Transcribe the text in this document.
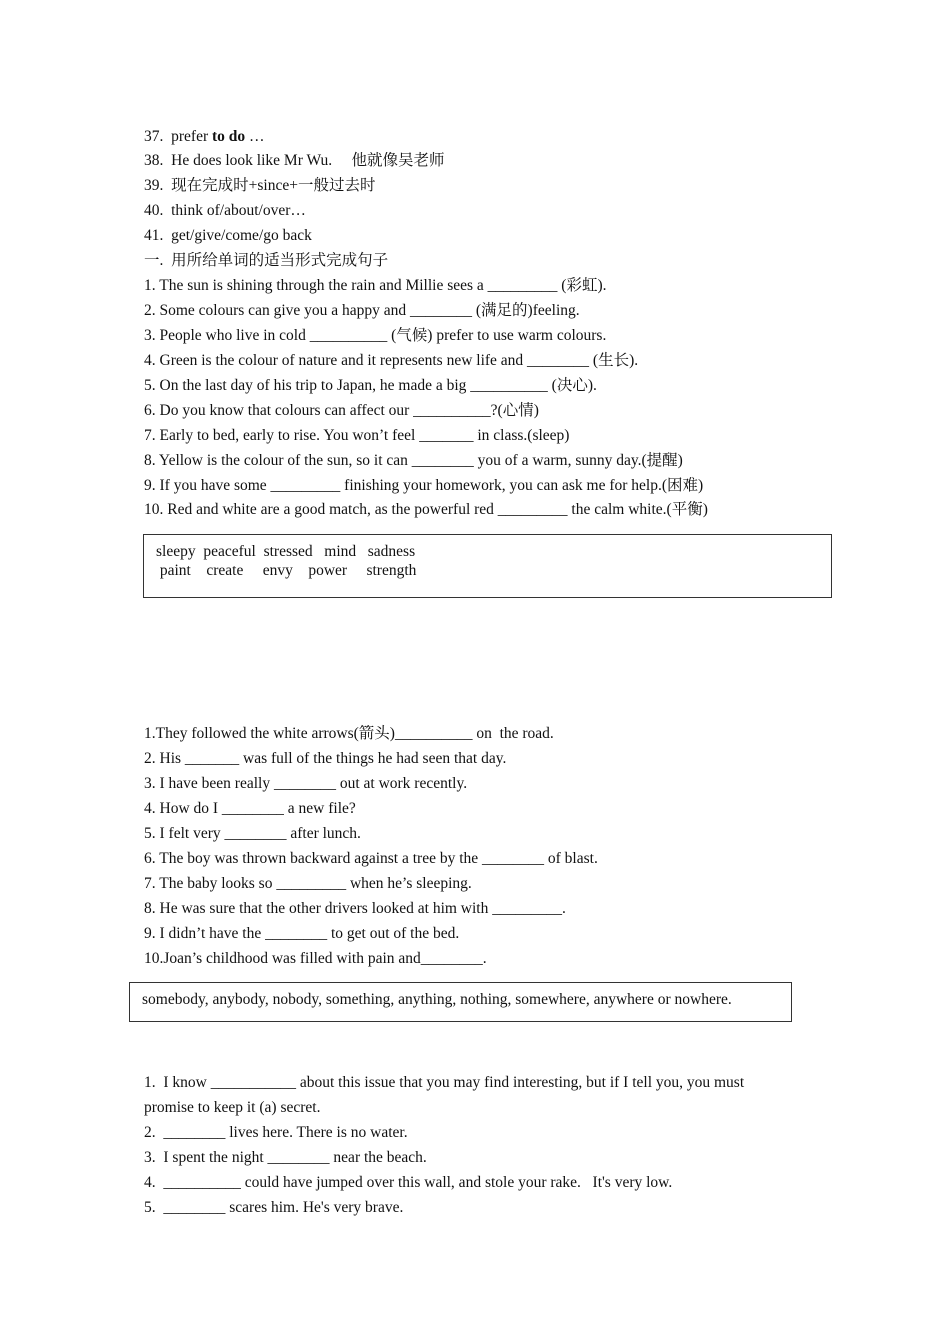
37.  prefer to do …
38.  He does look like Mr Wu.     他就像吴老师
39.  现在完成时+since+一般过去时
40.  think of/about/over…
41.  get/give/come/go back
一.  用所给单词的适当形式完成句子
1. The sun is shining through the rain and Millie sees a _________ (彩虹).
2. Some colours can give you a happy and ________ (满足的)feeling.
3. People who live in cold __________ (气候) prefer to use warm colours.
4. Green is the colour of nature and it represents new life and ________ (生长).
5. On the last day of his trip to Japan, he made a big __________ (决心).
6. Do you know that colours can affect our __________?(心情)
7. Early to bed, early to rise. You won’t feel _______ in class.(sleep)
8. Yellow is the colour of the sun, so it can ________ you of a warm, sunny day.(提醒)
9. If you have some _________ finishing your homework, you can ask me for help.(困难)
10. Red and white are a good match, as the powerful red _________ the calm white.(平衡)
sleepy  peaceful  stressed   mind   sadness
paint    create     envy    power     strength
1.They followed the white arrows(箭头)__________ on  the road.
2. His _______ was full of the things he had seen that day.
3. I have been really ________ out at work recently.
4. How do I ________ a new file?
5. I felt very ________ after lunch.
6. The boy was thrown backward against a tree by the ________ of blast.
7. The baby looks so _________ when he’s sleeping.
8. He was sure that the other drivers looked at him with _________.
9. I didn’t have the ________ to get out of the bed.
10.Joan’s childhood was filled with pain and________.
somebody, anybody, nobody, something, anything, nothing, somewhere, anywhere or nowhere.
1.  I know ___________ about this issue that you may find interesting, but if I tell you, you must
promise to keep it (a) secret.
2.  ________ lives here. There is no water.
3.  I spent the night ________ near the beach.
4.  __________ could have jumped over this wall, and stole your rake.   It's very low.
5.  ________ scares him. He's very brave.
